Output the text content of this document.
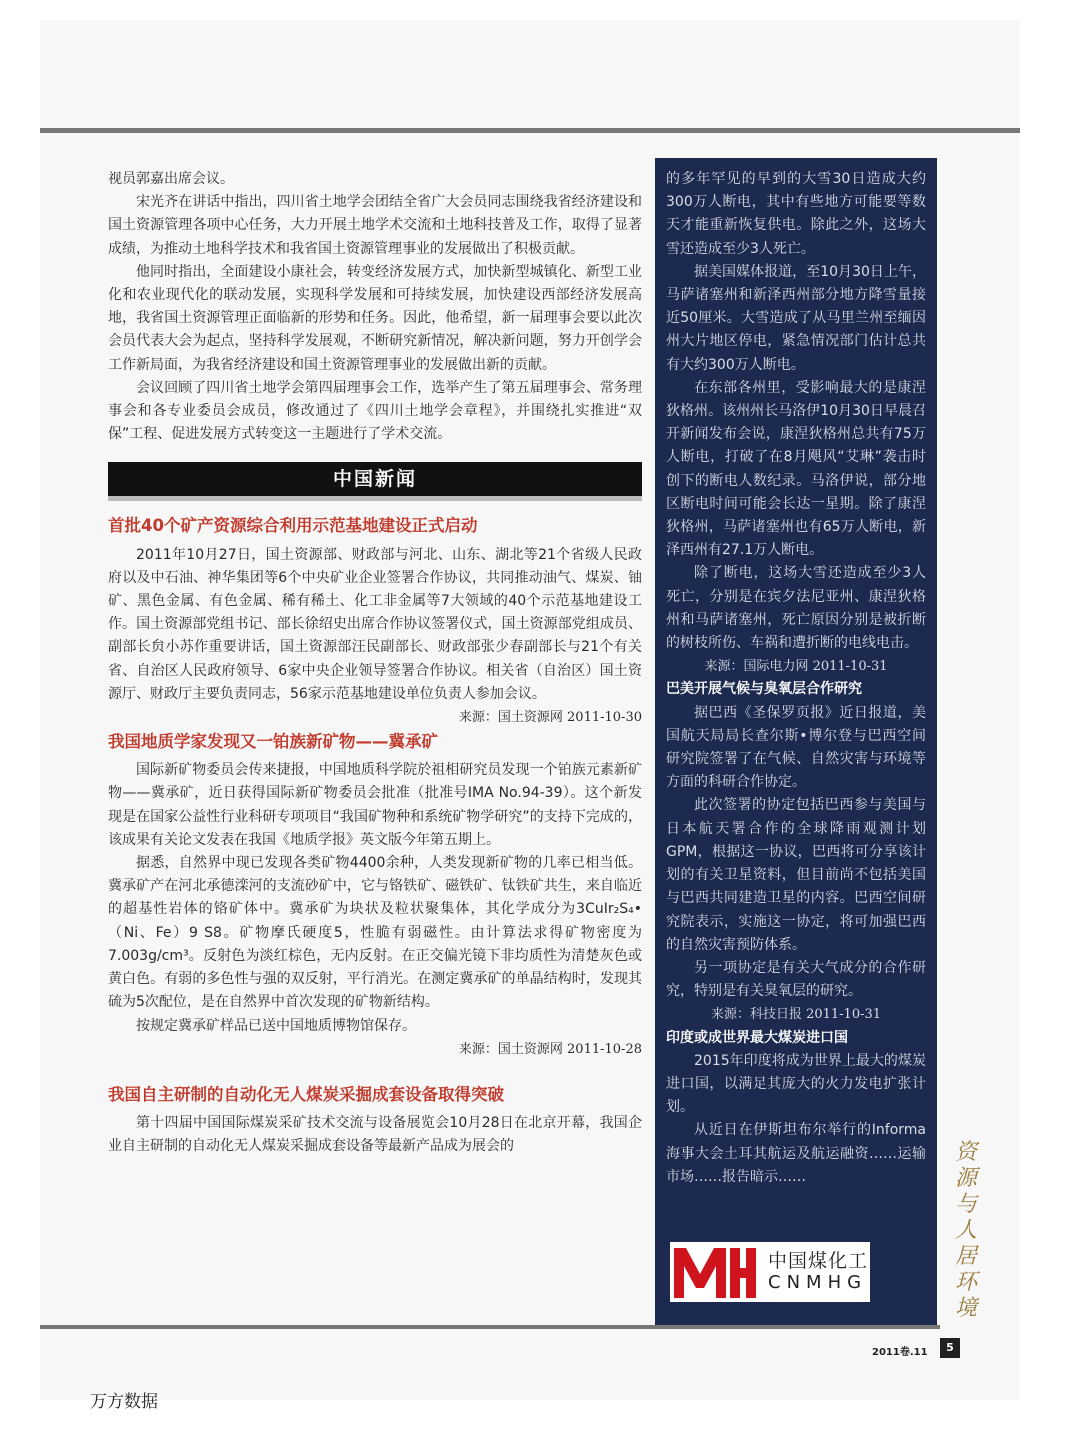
视员郭嘉出席会议。

宋光齐在讲话中指出，四川省土地学会团结全省广大会员同志围绕我省经济建设和国土资源管理各项中心任务，大力开展土地学术交流和土地科技普及工作，取得了显著成绩，为推动土地科学技术和我省国土资源管理事业的发展做出了积极贡献。

他同时指出，全面建设小康社会，转变经济发展方式，加快新型城镇化、新型工业化和农业现代化的联动发展，实现科学发展和可持续发展，加快建设西部经济发展高地，我省国土资源管理正面临新的形势和任务。因此，他希望，新一届理事会要以此次会员代表大会为起点，坚持科学发展观，不断研究新情况，解决新问题，努力开创学会工作新局面，为我省经济建设和国土资源管理事业的发展做出新的贡献。

会议回顾了四川省土地学会第四届理事会工作，选举产生了第五届理事会、常务理事会和各专业委员会成员，修改通过了《四川土地学会章程》，并围绕扎实推进“双保”工程、促进发展方式转变这一主题进行了学术交流。

中国新闻
首批40个矿产资源综合利用示范基地建设正式启动

2011年10月27日，国土资源部、财政部与河北、山东、湖北等21个省级人民政府以及中石油、神华集团等6个中央矿业企业签署合作协议，共同推动油气、煤炭、铀矿、黑色金属、有色金属、稀有稀土、化工非金属等7大领域的40个示范基地建设工作。国土资源部党组书记、部长徐绍史出席合作协议签署仪式，国土资源部党组成员、副部长贠小苏作重要讲话，国土资源部汪民副部长、财政部张少春副部长与21个有关省、自治区人民政府领导、6家中央企业领导签署合作协议。相关省（自治区）国土资源厅、财政厅主要负责同志，56家示范基地建设单位负责人参加会议。
来源：国土资源网 2011-10-30

我国地质学家发现又一铂族新矿物——冀承矿

国际新矿物委员会传来捷报，中国地质科学院於祖相研究员发现一个铂族元素新矿物——冀承矿，近日获得国际新矿物委员会批准（批准号IMA No.94-39）。这个新发现是在国家公益性行业科研专项项目“我国矿物种和系统矿物学研究”的支持下完成的，该成果有关论文发表在我国《地质学报》英文版今年第五期上。

据悉，自然界中现已发现各类矿物4400余种，人类发现新矿物的几率已相当低。冀承矿产在河北承德滦河的支流砂矿中，它与铬铁矿、磁铁矿、钛铁矿共生，来自临近的超基性岩体的铬矿体中。冀承矿为块状及粒状聚集体，其化学成分为3CuIr₂S₄•（Ni、Fe）9 S8。矿物摩氏硬度5，性脆有弱磁性。由计算法求得矿物密度为7.003g/cm³。反射色为淡红棕色，无内反射。在正交偏光镜下非均质性为清楚灰色或黄白色。有弱的多色性与强的双反射，平行消光。在测定冀承矿的单晶结构时，发现其硫为5次配位，是在自然界中首次发现的矿物新结构。

按规定冀承矿样品已送中国地质博物馆保存。

来源：国土资源网 2011-10-28
我国自主研制的自动化无人煤炭采掘成套设备取得突破

第十四届中国国际煤炭采矿技术交流与设备展览会10月28日在北京开幕，我国企业自主研制的自动化无人煤炭采掘成套设备等最新产品成为展会的

的多年罕见的早到的大雪30日造成大约300万人断电，其中有些地方可能要等数天才能重新恢复供电。除此之外，这场大雪还造成至少3人死亡。

据美国媒体报道，至10月30日上午，马萨诸塞州和新泽西州部分地方降雪量接近50厘米。大雪造成了从马里兰州至缅因州大片地区停电，紧急情况部门估计总共有大约300万人断电。

在东部各州里，受影响最大的是康涅狄格州。该州州长马洛伊10月30日早晨召开新闻发布会说，康涅狄格州总共有75万人断电，打破了在8月飓风“艾琳”袭击时创下的断电人数纪录。马洛伊说，部分地区断电时间可能会长达一星期。除了康涅狄格州，马萨诸塞州也有65万人断电，新泽西州有27.1万人断电。

除了断电，这场大雪还造成至少3人死亡，分别是在宾夕法尼亚州、康涅狄格州和马萨诸塞州，死亡原因分别是被折断的树枝所伤、车祸和遭折断的电线电击。

来源：国际电力网 2011-10-31
巴美开展气候与臭氧层合作研究

据巴西《圣保罗页报》近日报道，美国航天局局长查尔斯•博尔登与巴西空间研究院签署了在气候、自然灾害与环境等方面的科研合作协定。

此次签署的协定包括巴西参与美国与日本航天署合作的全球降雨观测计划GPM，根据这一协议，巴西将可分享该计划的有关卫星资料，但目前尚不包括美国与巴西共同建造卫星的内容。巴西空间研究院表示，实施这一协定，将可加强巴西的自然灾害预防体系。

另一项协定是有关大气成分的合作研究，特别是有关臭氧层的研究。

来源：科技日报 2011-10-31
印度或成世界最大煤炭进口国

2015年印度将成为世界上最大的煤炭进口国，以满足其庞大的火力发电扩张计划。

从近日在伊斯坦布尔举行的Informa海事大会土耳其航运及航运融资……运输市场……报告暗示……

中国煤化工
CNMHG
资源与人居环境
2011卷.11	5
万方数据
